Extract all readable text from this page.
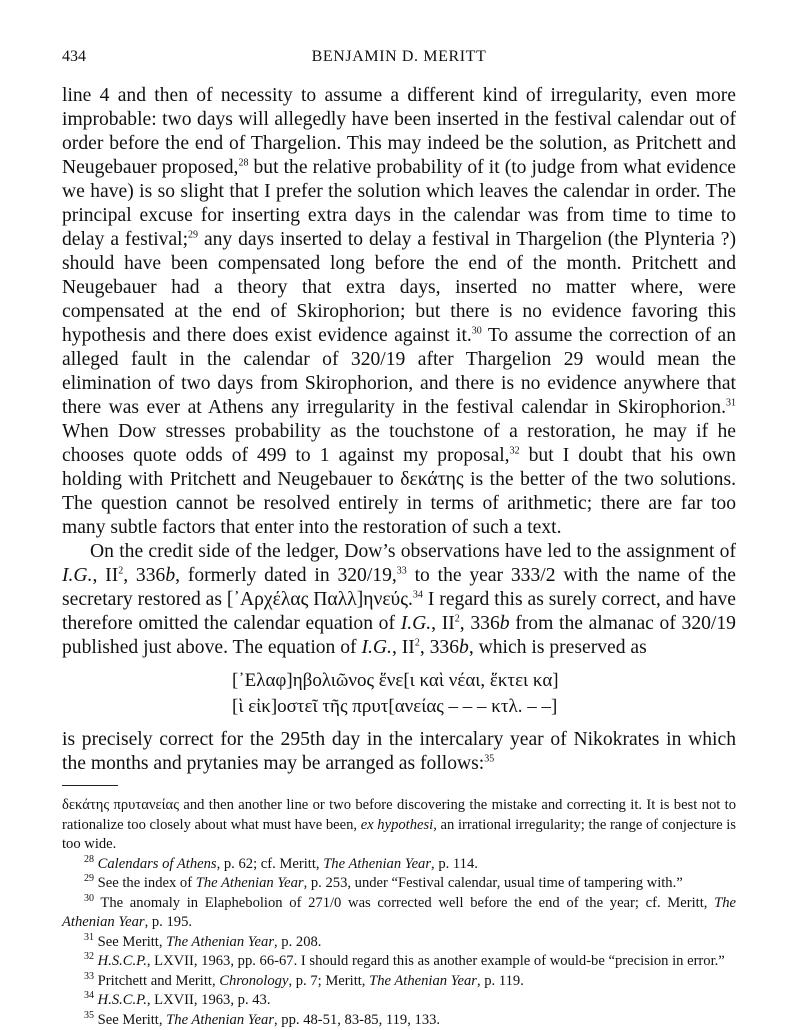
434	BENJAMIN D. MERITT

line 4 and then of necessity to assume a different kind of irregularity, even more improbable: two days will allegedly have been inserted in the festival calendar out of order before the end of Thargelion. This may indeed be the solution, as Pritchett and Neugebauer proposed,$^{28}$ but the relative probability of it (to judge from what evidence we have) is so slight that I prefer the solution which leaves the calendar in order. The principal excuse for inserting extra days in the calendar was from time to time to delay a festival;$^{29}$ any days inserted to delay a festival in Thargelion (the Plynteria ?) should have been compensated long before the end of the month. Pritchett and Neugebauer had a theory that extra days, inserted no matter where, were compensated at the end of Skirophorion; but there is no evidence favoring this hypothesis and there does exist evidence against it.$^{30}$ To assume the correction of an alleged fault in the calendar of 320/19 after Thargelion 29 would mean the elimination of two days from Skirophorion, and there is no evidence anywhere that there was ever at Athens any irregularity in the festival calendar in Skirophorion.$^{31}$ When Dow stresses probability as the touchstone of a restoration, he may if he chooses quote odds of 499 to 1 against my proposal,$^{32}$ but I doubt that his own holding with Pritchett and Neugebauer to δεκάτης is the better of the two solutions. The question cannot be resolved entirely in terms of arithmetic; there are far too many subtle factors that enter into the restoration of such a text.

On the credit side of the ledger, Dow’s observations have led to the assignment of I.G., $II^2$, 336b, formerly dated in 320/19,33 to the year 333/2 with the name of the secretary restored as [᾿Αρχέλας Παλλ]ηνεύς.$^{34}$ I regard this as surely correct, and have therefore omitted the calendar equation of I.G., $II^2$, 336b from the almanac of 320/19 published just above. The equation of I.G., $II^2$, 336b, which is preserved as

[᾿Ελαφ]ηβολιῶνος ἕνε[ι καὶ νέαι, ἕκτει κα]
[ὶ εἰκ]οστεῖ τῆς πρυτ[ανείας – – – κτλ. – –]

is precisely correct for the 295th day in the intercalary year of Nikokrates in which the months and prytanies may be arranged as follows:$^{35}$

δεκάτης πρυτανείας and then another line or two before discovering the mistake and correcting it. It is best not to rationalize too closely about what must have been, ex hypothesi, an irrational irregularity; the range of conjecture is too wide.

$^{28}$ Calendars of Athens, p. 62; cf. Meritt, The Athenian Year, p. 114.

$^{29}$ See the index of The Athenian Year, p. 253, under “Festival calendar, usual time of tampering with.”

$^{30}$ The anomaly in Elaphebolion of 271/0 was corrected well before the end of the year; cf. Meritt, The Athenian Year, p. 195.

$^{31}$ See Meritt, The Athenian Year, p. 208.

$^{32}$ H.S.C.P., LXVII, 1963, pp. 66-67. I should regard this as another example of would-be “precision in error.”

$^{33}$ Pritchett and Meritt, Chronology, p. 7; Meritt, The Athenian Year, p. 119.

$^{34}$ H.S.C.P., LXVII, 1963, p. 43.

$^{35}$ See Meritt, The Athenian Year, pp. 48-51, 83-85, 119, 133.
